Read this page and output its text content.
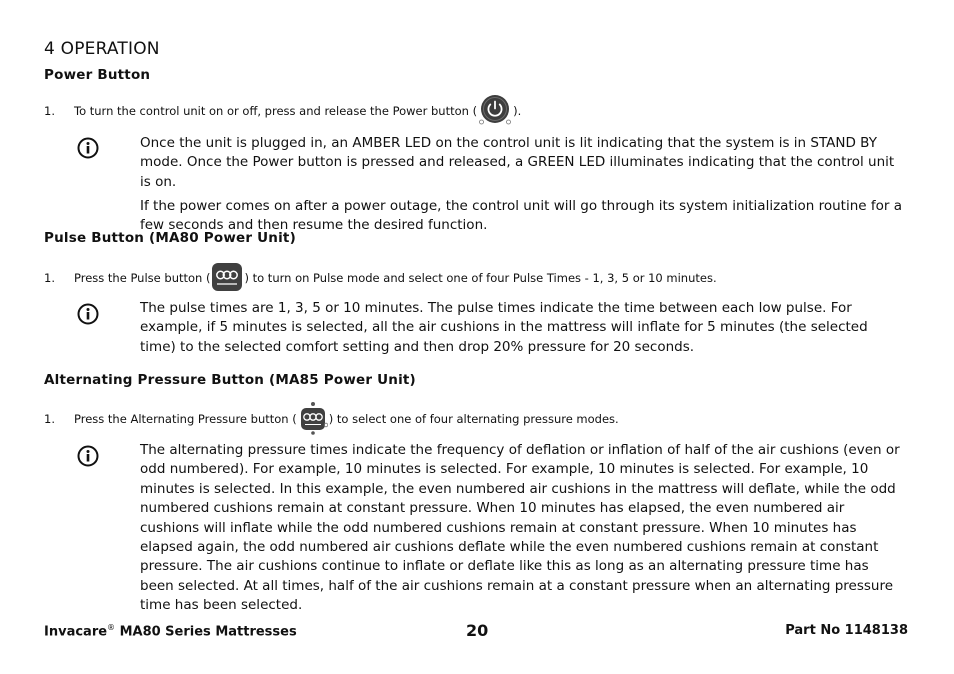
4 OPERATION
Power Button
1.	To turn the control unit on or off, press and release the Power button (	).

Once the unit is plugged in, an AMBER LED on the control unit is lit indicating that the system is in STAND BY mode. Once the Power button is pressed and released, a GREEN LED illuminates indicating that the control unit is on.

If the power comes on after a power outage, the control unit will go through its system initialization routine for a few seconds and then resume the desired function.

Pulse Button (MA80 Power Unit)
1.	Press the Pulse button (	) to turn on Pulse mode and select one of four Pulse Times - 1, 3, 5 or 10 minutes.

The pulse times are 1, 3, 5 or 10 minutes. The pulse times indicate the time between each low pulse. For example, if 5 minutes is selected, all the air cushions in the mattress will inflate for 5 minutes (the selected time) to the selected comfort setting and then drop 20% pressure for 20 seconds.

Alternating Pressure Button (MA85 Power Unit)
1.	Press the Alternating Pressure button (	) to select one of four alternating pressure modes.

The alternating pressure times indicate the frequency of deflation or inflation of half of the air cushions (even or odd numbered). For example, 10 minutes is selected. For example, 10 minutes is selected. For example, 10 minutes is selected. In this example, the even numbered air cushions in the mattress will deflate, while the odd numbered cushions remain at constant pressure. When 10 minutes has elapsed, the even numbered air cushions will inflate while the odd numbered cushions remain at constant pressure. When 10 minutes has elapsed again, the odd numbered air cushions deflate while the even numbered cushions remain at constant pressure. The air cushions continue to inflate or deflate like this as long as an alternating pressure time has been selected. At all times, half of the air cushions remain at a constant pressure when an alternating pressure time has been selected.

Invacare® MA80 Series Mattresses	20	Part No 1148138
